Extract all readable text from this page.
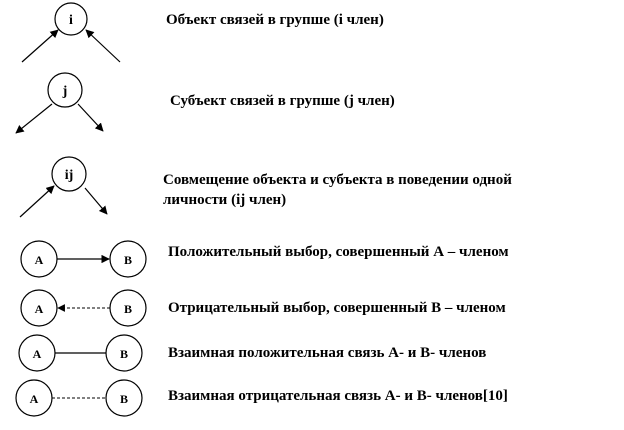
i
j
ij
A	B
A	B
A	B
A	B
Объект связей в групше (i член)
Субъект связей в групше (j член)
Совмещение объекта и субъекта в поведении одной
личности (ij член)
Положительный выбор, совершенный А – членом
Отрицательный выбор, совершенный В – членом
Взаимная положительная связь А- и В- членов
Взаимная отрицательная связь А- и В- членов[10]
